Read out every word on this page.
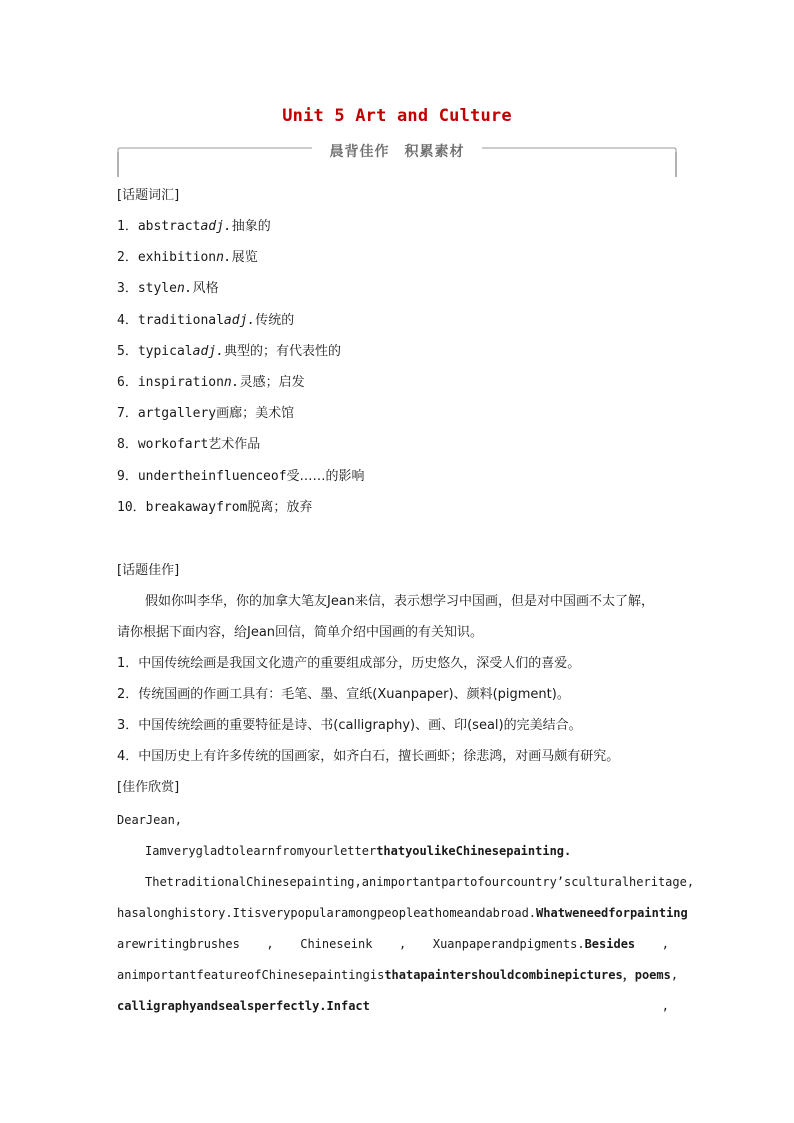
Unit 5 Art and Culture
晨背佳作　积累素材
[话题词汇]
1．abstractadj.抽象的
2．exhibitionn.展览
3．stylen.风格
4．traditionaladj.传统的
5．typicaladj.典型的；有代表性的
6．inspirationn.灵感；启发
7．artgallery画廊；美术馆
8．workofart艺术作品
9．undertheinfluenceof受……的影响
10．breakawayfrom脱离；放弃
[话题佳作]
假如你叫李华，你的加拿大笔友Jean来信，表示想学习中国画，但是对中国画不太了解，
请你根据下面内容，给Jean回信，简单介绍中国画的有关知识。
1．中国传统绘画是我国文化遗产的重要组成部分，历史悠久，深受人们的喜爱。
2．传统国画的作画工具有：毛笔、墨、宣纸(Xuanpaper)、颜料(pigment)。
3．中国传统绘画的重要特征是诗、书(calligraphy)、画、印(seal)的完美结合。
4．中国历史上有许多传统的国画家，如齐白石，擅长画虾；徐悲鸿，对画马颇有研究。
[佳作欣赏]
DearJean,
IamverygladtolearnfromyourletterthatyoulikeChinesepainting.
ThetraditionalChinesepainting,animportantpartofourcountry’sculturalheritage,
hasalonghistory.Itisverypopularamongpeopleathomeandabroad.Whatweneedforpainting
arewritingbrushes , Chineseink , Xuanpaperandpigments.Besides ,
animportantfeatureofChinesepaintingisthatapaintershouldcombinepictures，poems ,
calligraphyandsealsperfectly.Infact	,
